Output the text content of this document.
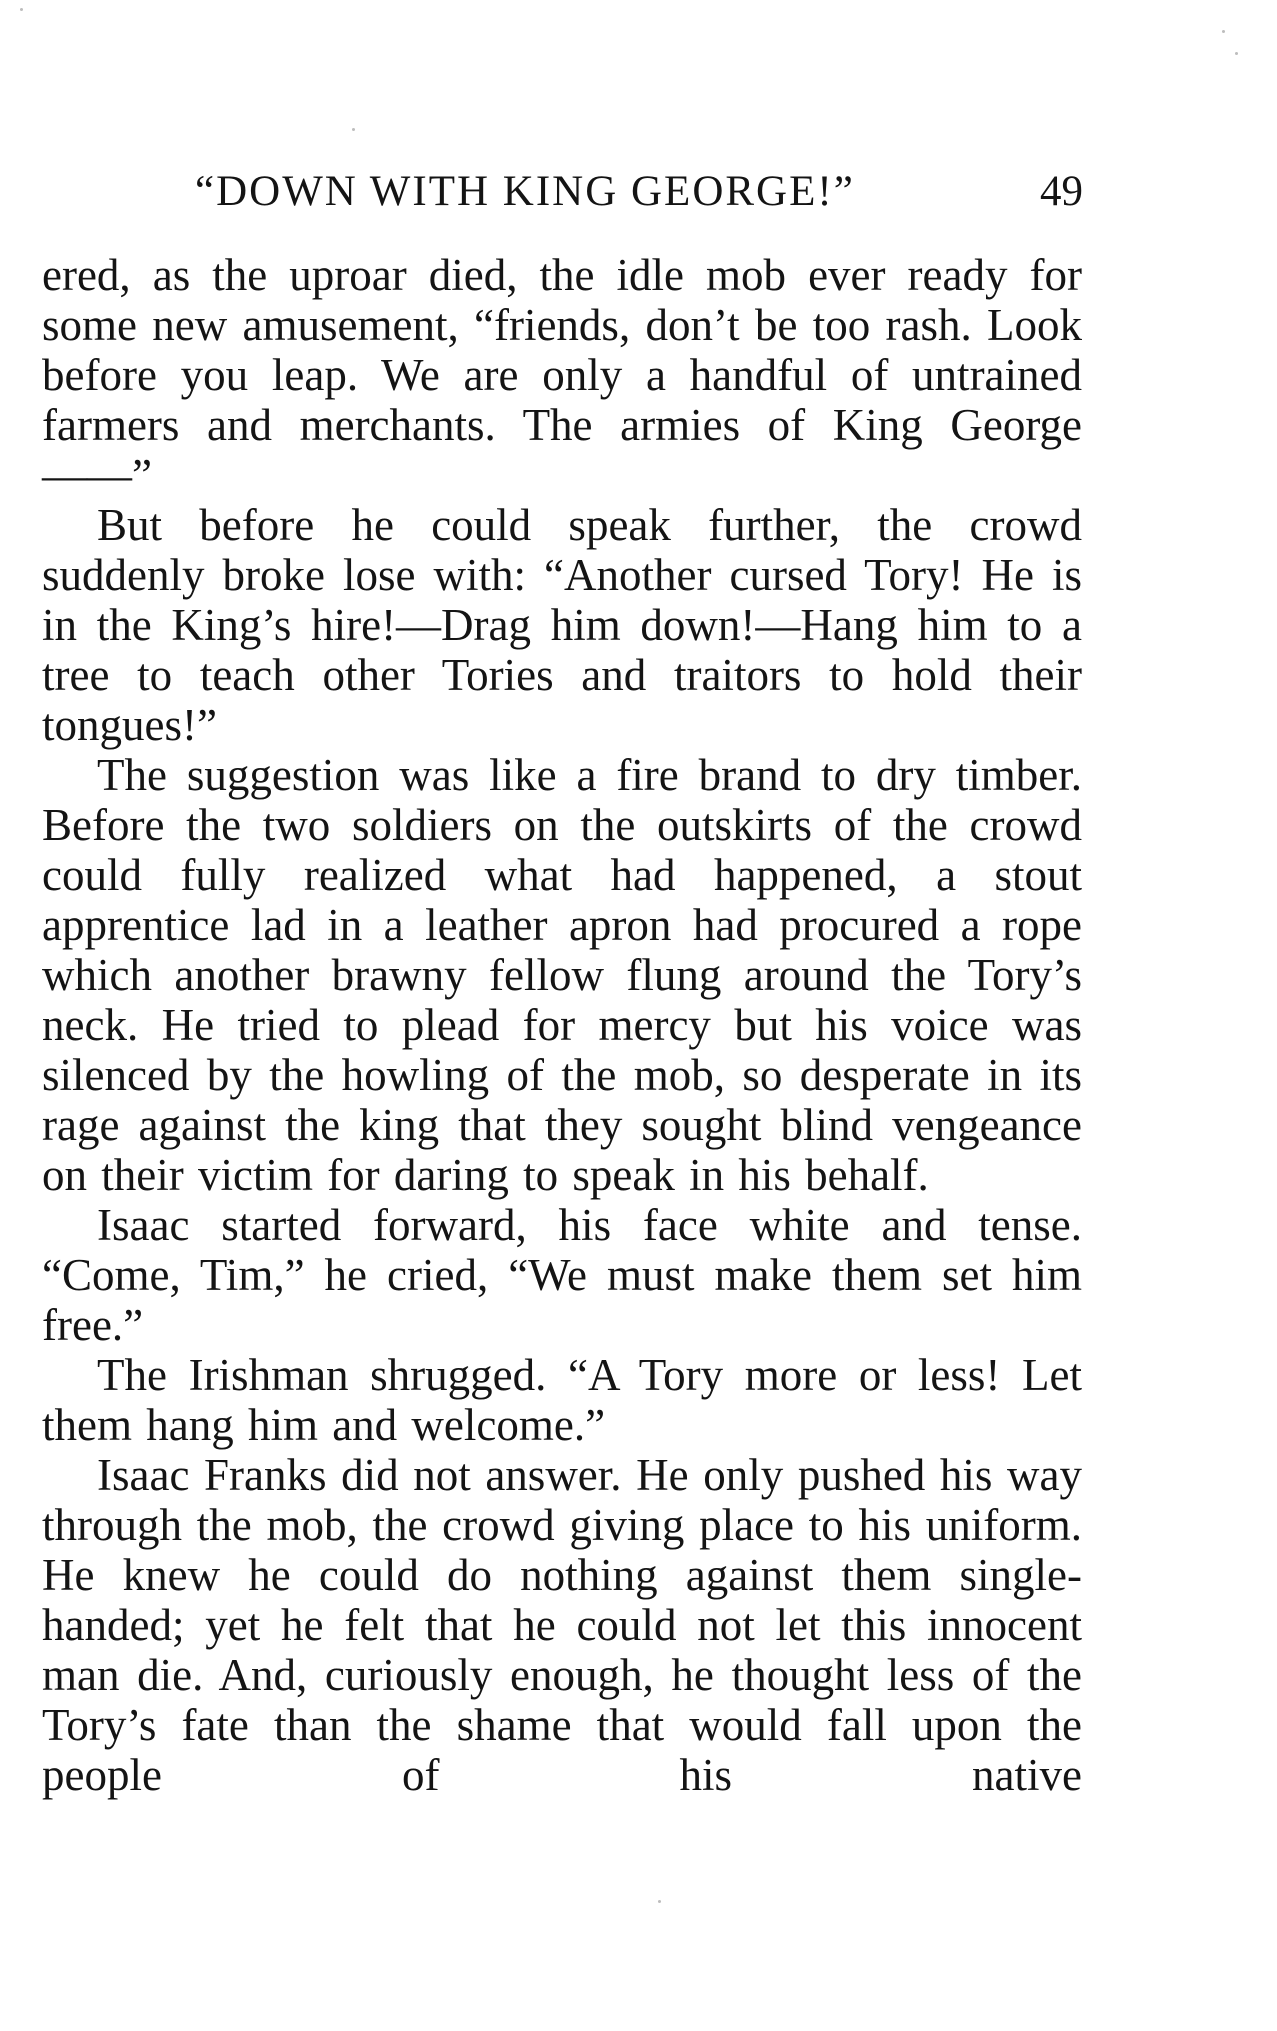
“DOWN WITH KING GEORGE!”	49

ered, as the uproar died, the idle mob ever ready for some new amusement, “friends, don’t be too rash. Look before you leap. We are only a handful of untrained farmers and merchants. The armies of King George——”

But before he could speak further, the crowd suddenly broke lose with: “Another cursed Tory! He is in the King’s hire!—Drag him down!—Hang him to a tree to teach other Tories and traitors to hold their tongues!”

The suggestion was like a fire brand to dry timber. Before the two soldiers on the outskirts of the crowd could fully realized what had happened, a stout apprentice lad in a leather apron had procured a rope which another brawny fellow flung around the Tory’s neck. He tried to plead for mercy but his voice was silenced by the howling of the mob, so desperate in its rage against the king that they sought blind vengeance on their victim for daring to speak in his behalf.

Isaac started forward, his face white and tense. “Come, Tim,” he cried, “We must make them set him free.”

The Irishman shrugged. “A Tory more or less! Let them hang him and welcome.”

Isaac Franks did not answer. He only pushed his way through the mob, the crowd giving place to his uniform. He knew he could do nothing against them single-handed; yet he felt that he could not let this innocent man die. And, curiously enough, he thought less of the Tory’s fate than the shame that would fall upon the people of his native
